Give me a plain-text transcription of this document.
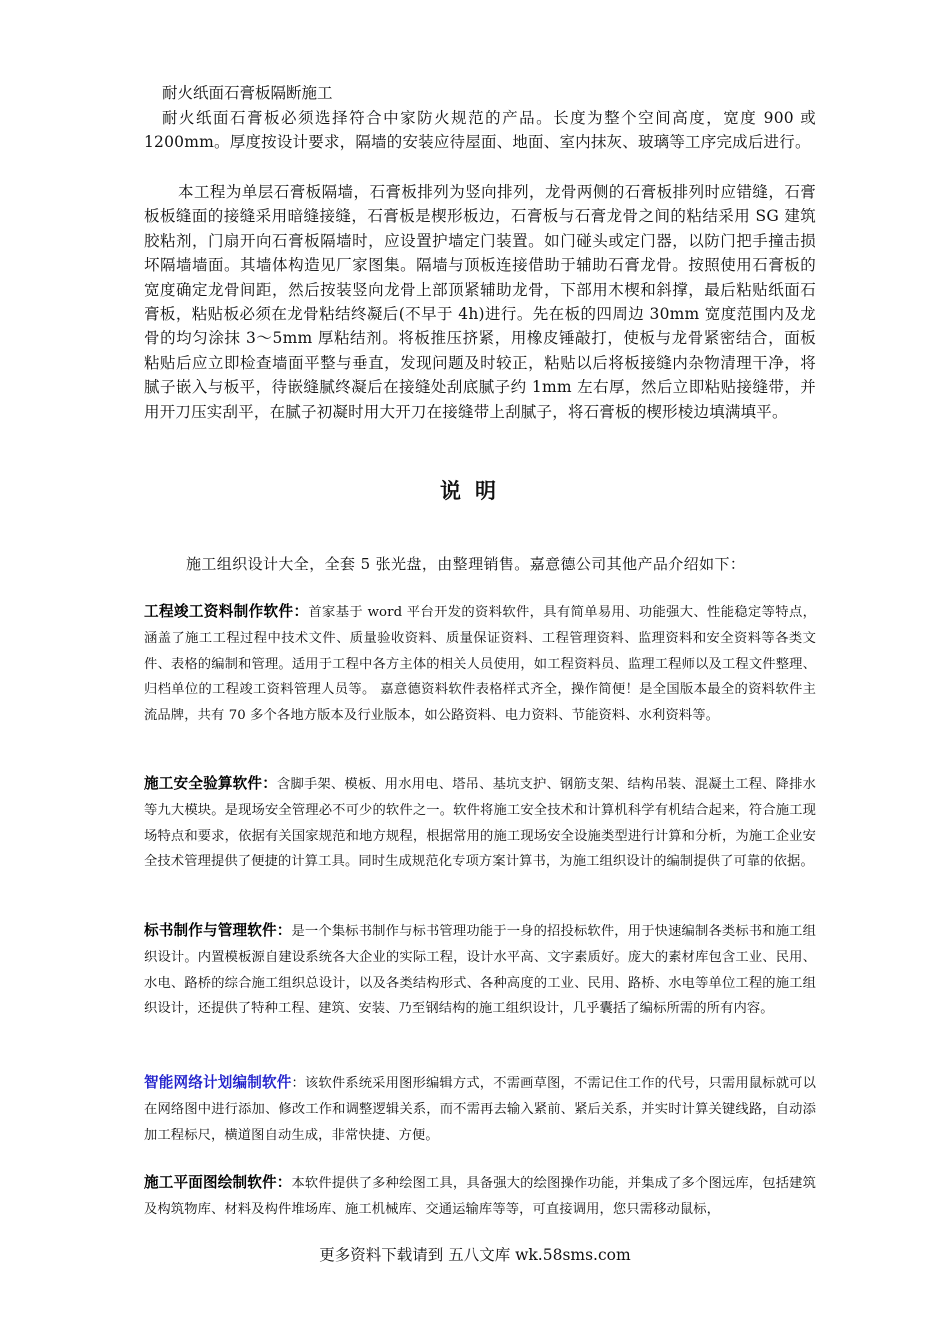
耐火纸面石膏板隔断施工
耐火纸面石膏板必须选择符合中家防火规范的产品。长度为整个空间高度，宽度 900 或 1200mm。厚度按设计要求，隔墙的安装应待屋面、地面、室内抹灰、玻璃等工序完成后进行。
本工程为单层石膏板隔墙，石膏板排列为竖向排列，龙骨两侧的石膏板排列时应错缝，石膏板板缝面的接缝采用暗缝接缝，石膏板是楔形板边，石膏板与石膏龙骨之间的粘结采用 SG 建筑胶粘剂，门扇开向石膏板隔墙时，应设置护墙定门装置。如门碰头或定门器，以防门把手撞击损坏隔墙墙面。其墙体构造见厂家图集。隔墙与顶板连接借助于辅助石膏龙骨。按照使用石膏板的宽度确定龙骨间距，然后按装竖向龙骨上部顶紧辅助龙骨，下部用木楔和斜撑，最后粘贴纸面石膏板，粘贴板必须在龙骨粘结终凝后(不早于 4h)进行。先在板的四周边 30mm 宽度范围内及龙骨的均匀涂抹 3～5mm 厚粘结剂。将板推压挤紧，用橡皮锤敲打，使板与龙骨紧密结合，面板粘贴后应立即检查墙面平整与垂直，发现问题及时较正，粘贴以后将板接缝内杂物清理干净，将腻子嵌入与板平，待嵌缝腻终凝后在接缝处刮底腻子约 1mm 左右厚，然后立即粘贴接缝带，并用开刀压实刮平，在腻子初凝时用大开刀在接缝带上刮腻子，将石膏板的楔形棱边填满填平。
说明
施工组织设计大全，全套 5 张光盘，由整理销售。嘉意德公司其他产品介绍如下：
工程竣工资料制作软件：首家基于 word 平台开发的资料软件，具有简单易用、功能强大、性能稳定等特点，涵盖了施工工程过程中技术文件、质量验收资料、质量保证资料、工程管理资料、监理资料和安全资料等各类文件、表格的编制和管理。适用于工程中各方主体的相关人员使用，如工程资料员、监理工程师以及工程文件整理、归档单位的工程竣工资料管理人员等。 嘉意德资料软件表格样式齐全，操作简便！是全国版本最全的资料软件主流品牌，共有 70 多个各地方版本及行业版本，如公路资料、电力资料、节能资料、水利资料等。
施工安全验算软件：含脚手架、模板、用水用电、塔吊、基坑支护、钢筋支架、结构吊装、混凝土工程、降排水等九大模块。是现场安全管理必不可少的软件之一。软件将施工安全技术和计算机科学有机结合起来，符合施工现场特点和要求，依据有关国家规范和地方规程，根据常用的施工现场安全设施类型进行计算和分析，为施工企业安全技术管理提供了便捷的计算工具。同时生成规范化专项方案计算书，为施工组织设计的编制提供了可靠的依据。
标书制作与管理软件：是一个集标书制作与标书管理功能于一身的招投标软件，用于快速编制各类标书和施工组织设计。内置模板源自建设系统各大企业的实际工程，设计水平高、文字素质好。庞大的素材库包含工业、民用、水电、路桥的综合施工组织总设计，以及各类结构形式、各种高度的工业、民用、路桥、水电等单位工程的施工组织设计，还提供了特种工程、建筑、安装、乃至钢结构的施工组织设计，几乎囊括了编标所需的所有内容。
智能网络计划编制软件：该软件系统采用图形编辑方式，不需画草图，不需记住工作的代号，只需用鼠标就可以在网络图中进行添加、修改工作和调整逻辑关系，而不需再去输入紧前、紧后关系，并实时计算关键线路，自动添加工程标尺，横道图自动生成，非常快捷、方便。
施工平面图绘制软件：本软件提供了多种绘图工具，具备强大的绘图操作功能，并集成了多个图远库，包括建筑及构筑物库、材料及构件堆场库、施工机械库、交通运输库等等，可直接调用，您只需移动鼠标，
更多资料下载请到 五八文库 wk.58sms.com
